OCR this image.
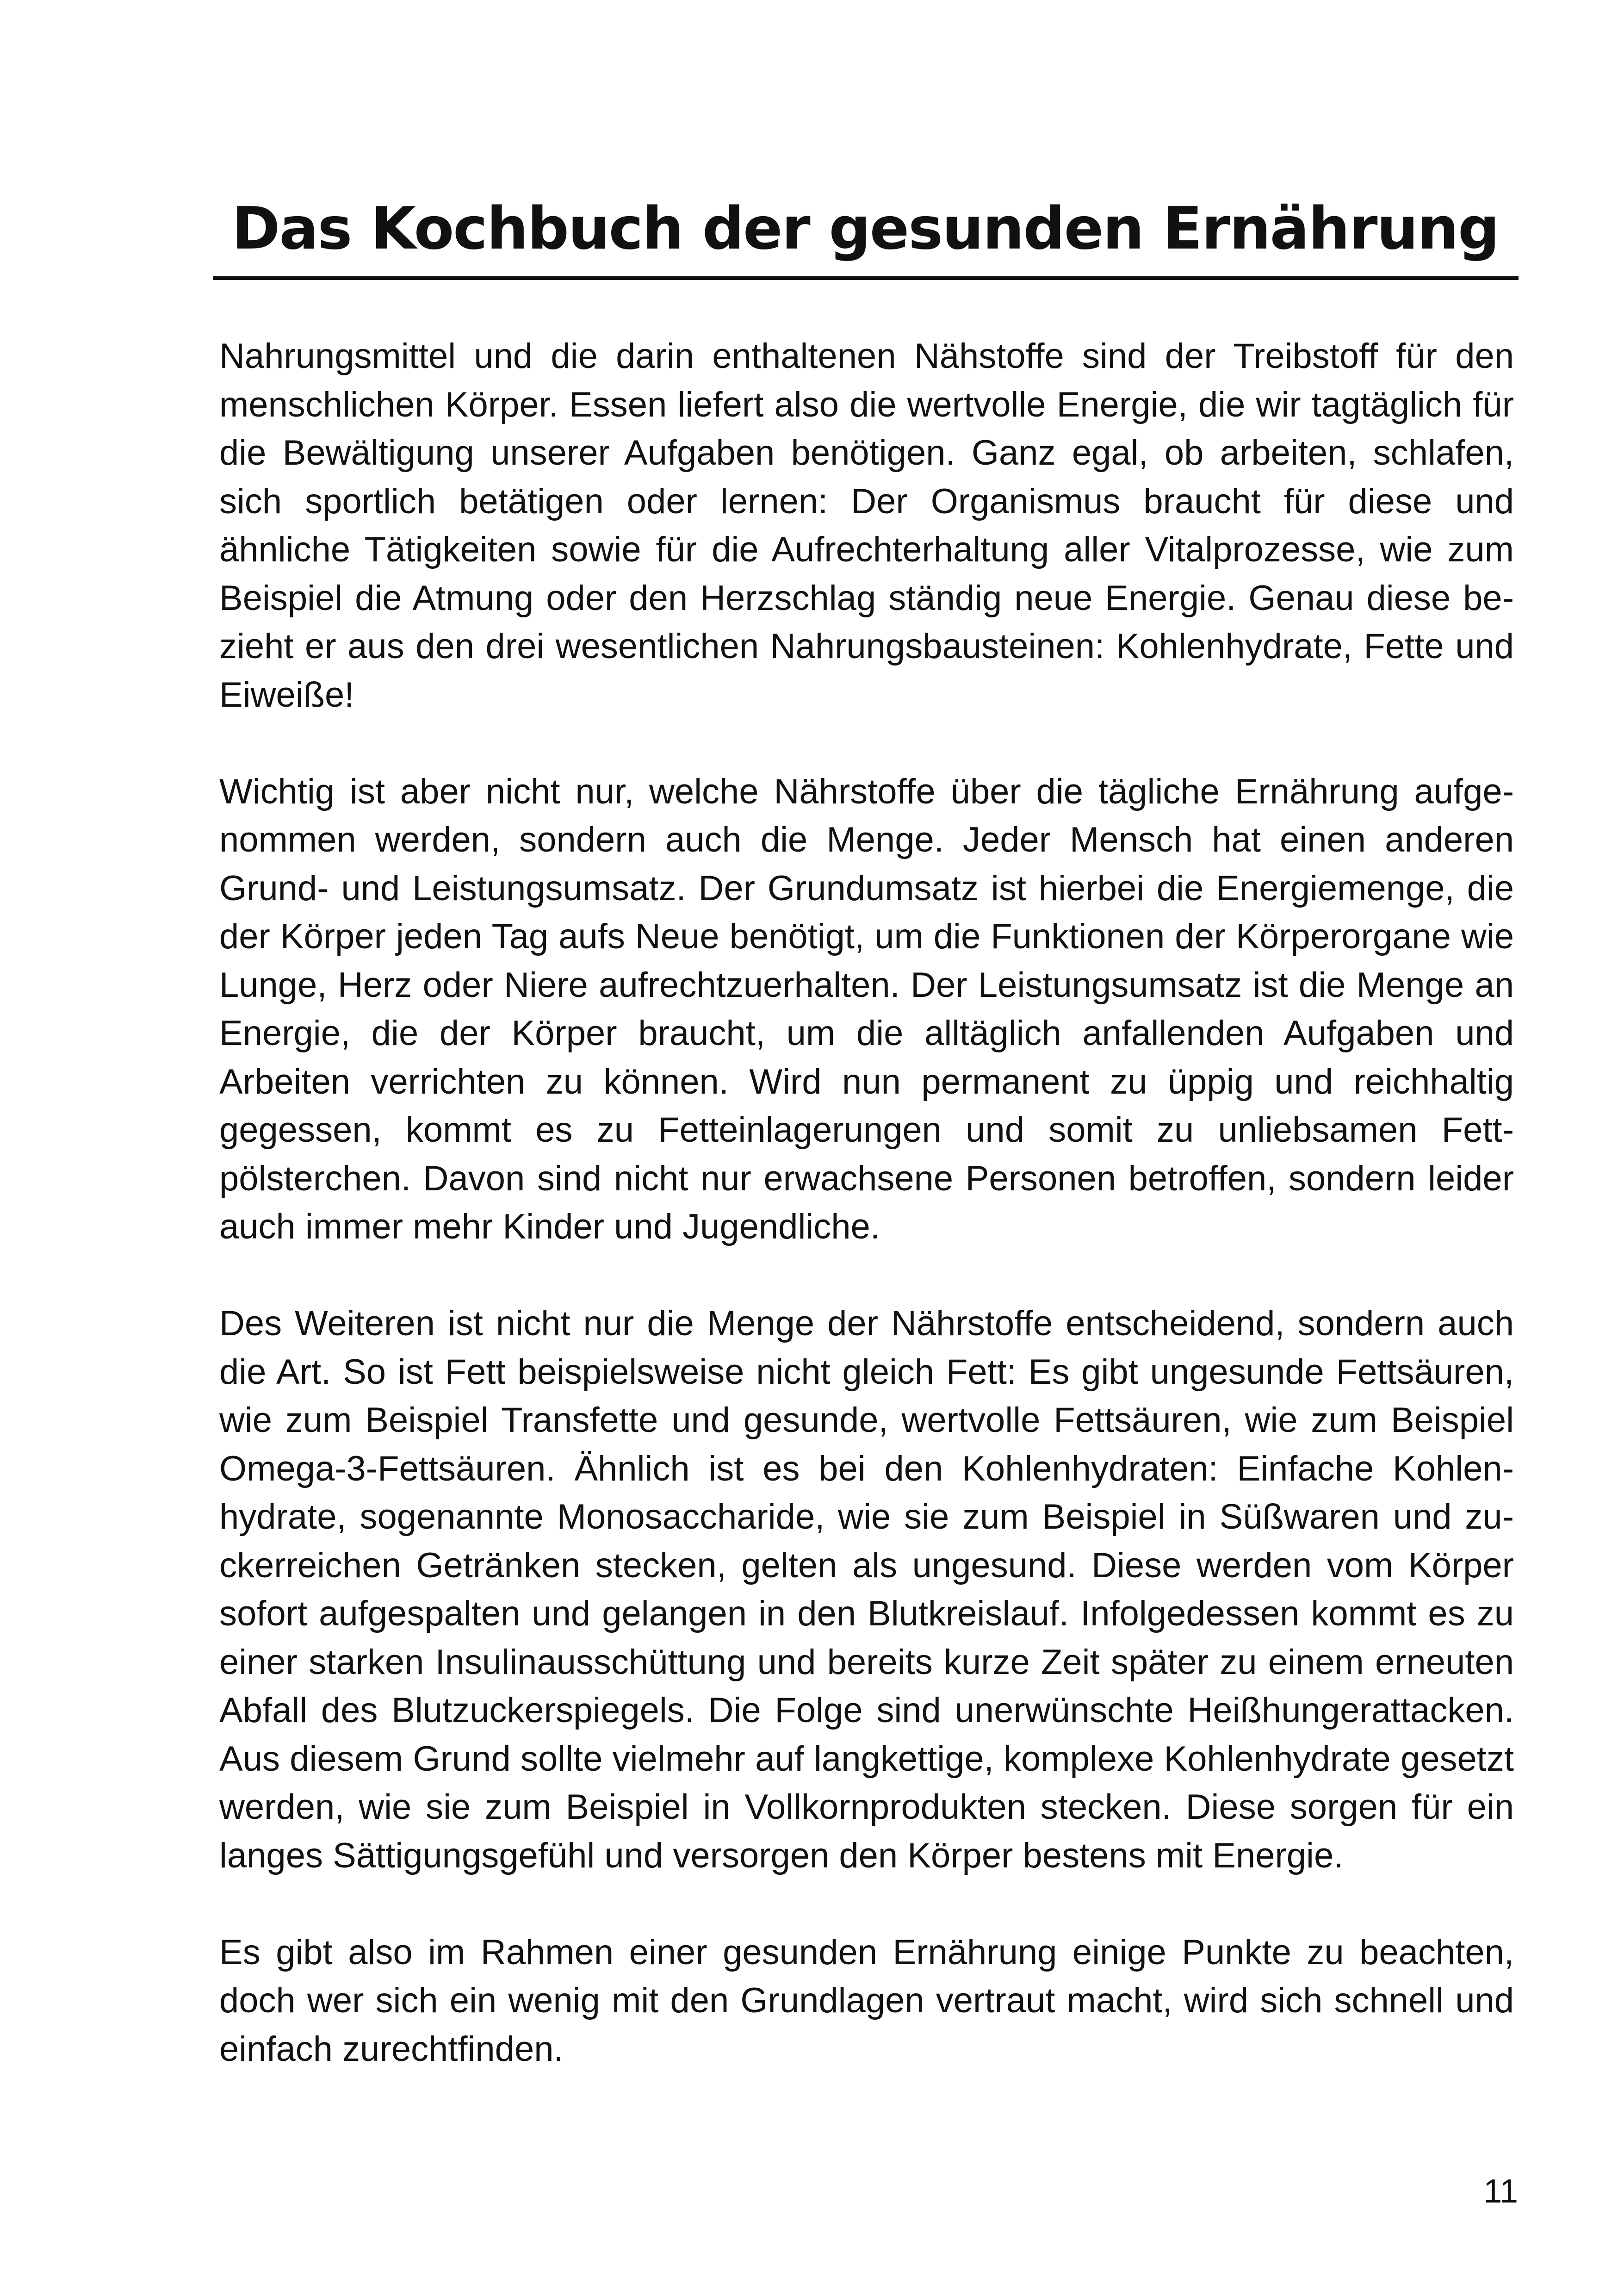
Das Kochbuch der gesunden Ernährung

Nahrungsmittel und die darin enthaltenen Nähstoffe sind der Treibstoff für den menschlichen Körper. Essen liefert also die wertvolle Energie, die wir tagtäglich für die Bewältigung unserer Aufgaben benötigen. Ganz egal, ob arbeiten, schlafen, sich sportlich betätigen oder lernen: Der Organismus braucht für diese und ähnliche Tätigkeiten sowie für die Aufrechterhaltung aller Vitalprozesse, wie zum Beispiel die Atmung oder den Herzschlag ständig neue Energie. Genau diese bezieht er aus den drei wesentlichen Nahrungsbausteinen: Kohlenhydrate, Fette und Eiweiße!

Wichtig ist aber nicht nur, welche Nährstoffe über die tägliche Ernährung aufgenommen werden, sondern auch die Menge. Jeder Mensch hat einen anderen Grund- und Leistungsumsatz. Der Grundumsatz ist hierbei die Energiemenge, die der Körper jeden Tag aufs Neue benötigt, um die Funktionen der Körperorgane wie Lunge, Herz oder Niere aufrechtzuerhalten. Der Leistungsumsatz ist die Menge an Energie, die der Körper braucht, um die alltäglich anfallenden Aufgaben und Arbeiten verrichten zu können. Wird nun permanent zu üppig und reichhaltig gegessen, kommt es zu Fetteinlagerungen und somit zu unliebsamen Fettpölsterchen. Davon sind nicht nur erwachsene Personen betroffen, sondern leider auch immer mehr Kinder und Jugendliche.

Des Weiteren ist nicht nur die Menge der Nährstoffe entscheidend, sondern auch die Art. So ist Fett beispielsweise nicht gleich Fett: Es gibt ungesunde Fettsäuren, wie zum Beispiel Transfette und gesunde, wertvolle Fettsäuren, wie zum Beispiel Omega-3-Fettsäuren. Ähnlich ist es bei den Kohlenhydraten: Einfache Kohlenhydrate, sogenannte Monosaccharide, wie sie zum Beispiel in Süßwaren und zuckerreichen Getränken stecken, gelten als ungesund. Diese werden vom Körper sofort aufgespalten und gelangen in den Blutkreislauf. Infolgedessen kommt es zu einer starken Insulinausschüttung und bereits kurze Zeit später zu einem erneuten Abfall des Blutzuckerspiegels. Die Folge sind unerwünschte Heißhungerattacken. Aus diesem Grund sollte vielmehr auf langkettige, komplexe Kohlenhydrate gesetzt werden, wie sie zum Beispiel in Vollkornprodukten stecken. Diese sorgen für ein langes Sättigungsgefühl und versorgen den Körper bestens mit Energie.

Es gibt also im Rahmen einer gesunden Ernährung einige Punkte zu beachten, doch wer sich ein wenig mit den Grundlagen vertraut macht, wird sich schnell und einfach zurechtfinden.

11
